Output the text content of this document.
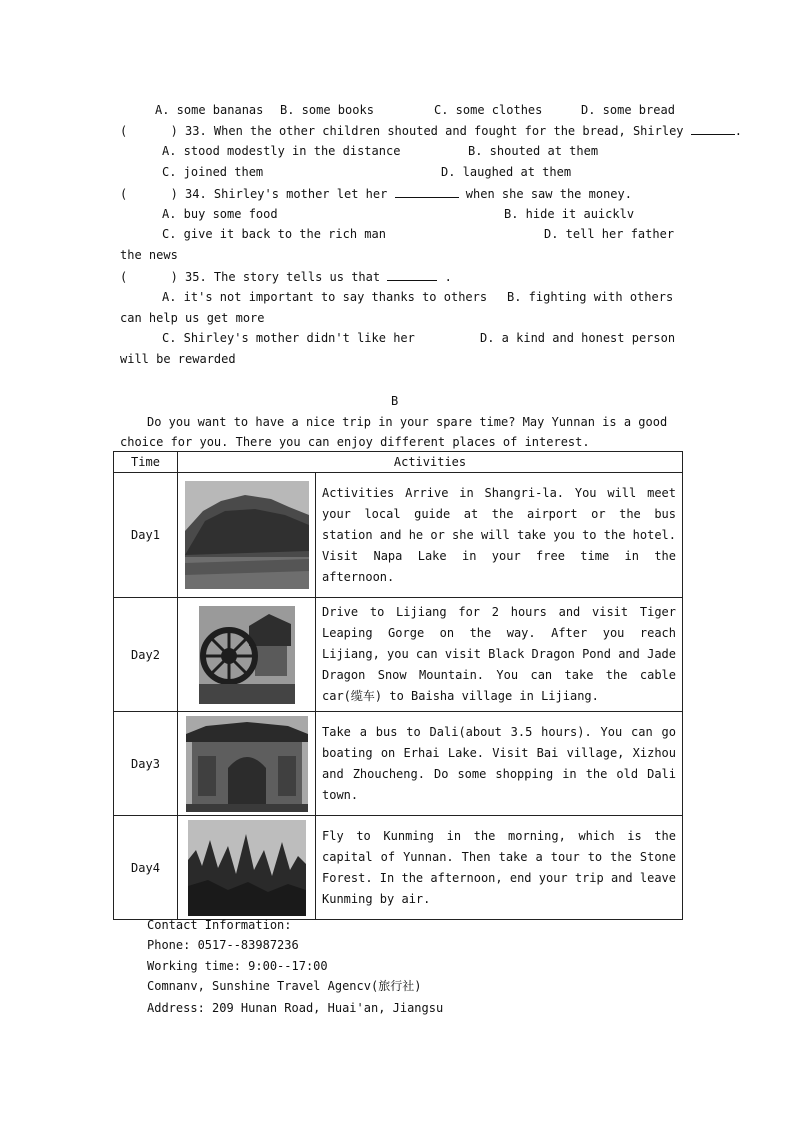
A. some bananas B. some books	C. some clothes	D. some bread
(      ) 33. When the other children shouted and fought for the bread, Shirley	.
A. stood modestly in the distance	B. shouted at them
C. joined them	D. laughed at them
(      ) 34. Shirley's mother let her	when she saw the money.
A. buy some food	B. hide it auicklv
C. give it back to the rich man	D. tell her father
the news
(      ) 35. The story tells us that	.
A. it's not important to say thanks to others B. fighting with others
can help us get more
C. Shirley's mother didn't like her	D. a kind and honest person
will be rewarded
B
Do you want to have a nice trip in your spare time? May Yunnan is a good
choice for you. There you can enjoy different places of interest.
Time	Activities	
Day1		Activities Arrive in Shangri-la. You will meet your local guide at the airport or the bus station and he or she will take you to the hotel. Visit Napa Lake in your free time in the afternoon.
Day2		Drive to Lijiang for 2 hours and visit Tiger Leaping Gorge on the way. After you reach Lijiang, you can visit Black Dragon Pond and Jade Dragon Snow Mountain. You can take the cable car(缆车) to Baisha village in Lijiang.
Day3		Take a bus to Dali(about 3.5 hours). You can go boating on Erhai Lake. Visit Bai village, Xizhou and Zhoucheng. Do some shopping in the old Dali town.
Day4		Fly to Kunming in the morning, which is the capital of Yunnan. Then take a tour to the Stone Forest. In the afternoon, end your trip and leave Kunming by air.
Contact Information:
Phone: 0517--83987236
Working time: 9:00--17:00
Comnanv, Sunshine Travel Agencv(旅行社)
Address: 209 Hunan Road, Huai'an, Jiangsu
